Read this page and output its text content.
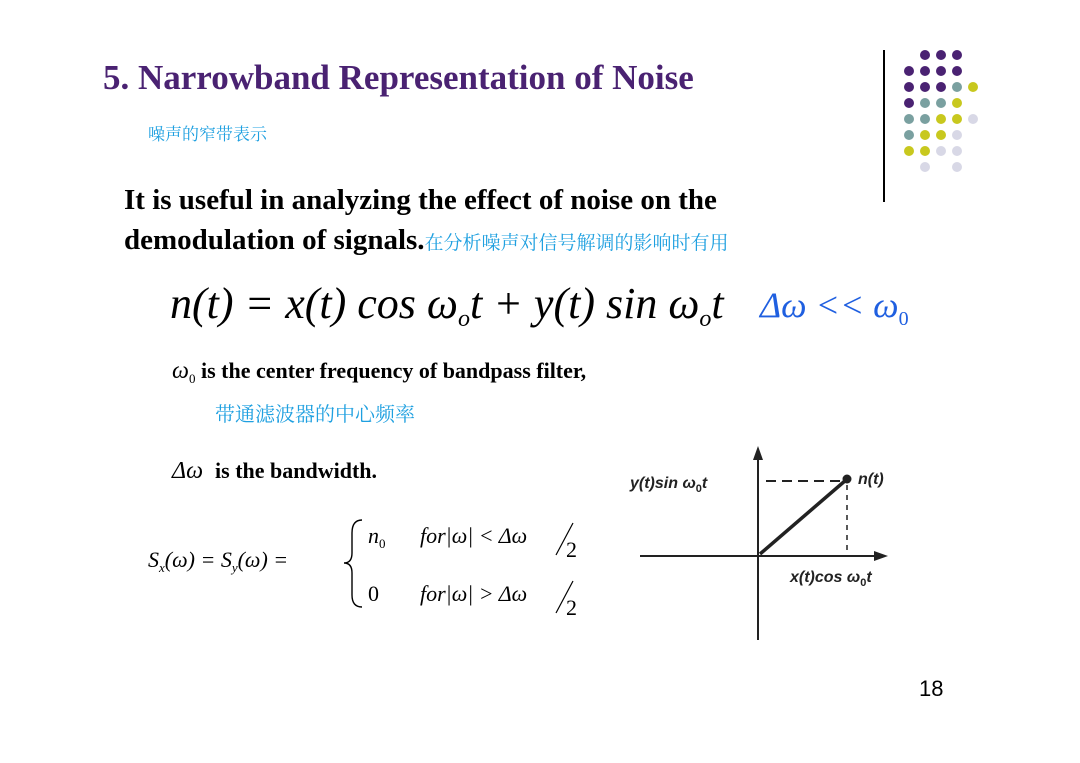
5. Narrowband Representation of Noise
噪声的窄带表示
It is useful in analyzing the effect of noise on the
demodulation of signals.在分析噪声对信号解调的影响时有用
n(t) = x(t) $\cos \omega_ot + y(t)$ $\sin \omega_ot$ $\Delta\omega << \omega_0$
$\omega_0$ is the center frequency of bandpass filter,
带通滤波器的中心频率
Δω is the bandwidth.
$S_x(\omega) = S_y(\omega)$ =
$n_0$ for|ω| < Δω
2
0 for|ω| > Δω
2
y(t)sin $\omega_0t$	n(t)
x(t)cos $\omega_0t$
18
